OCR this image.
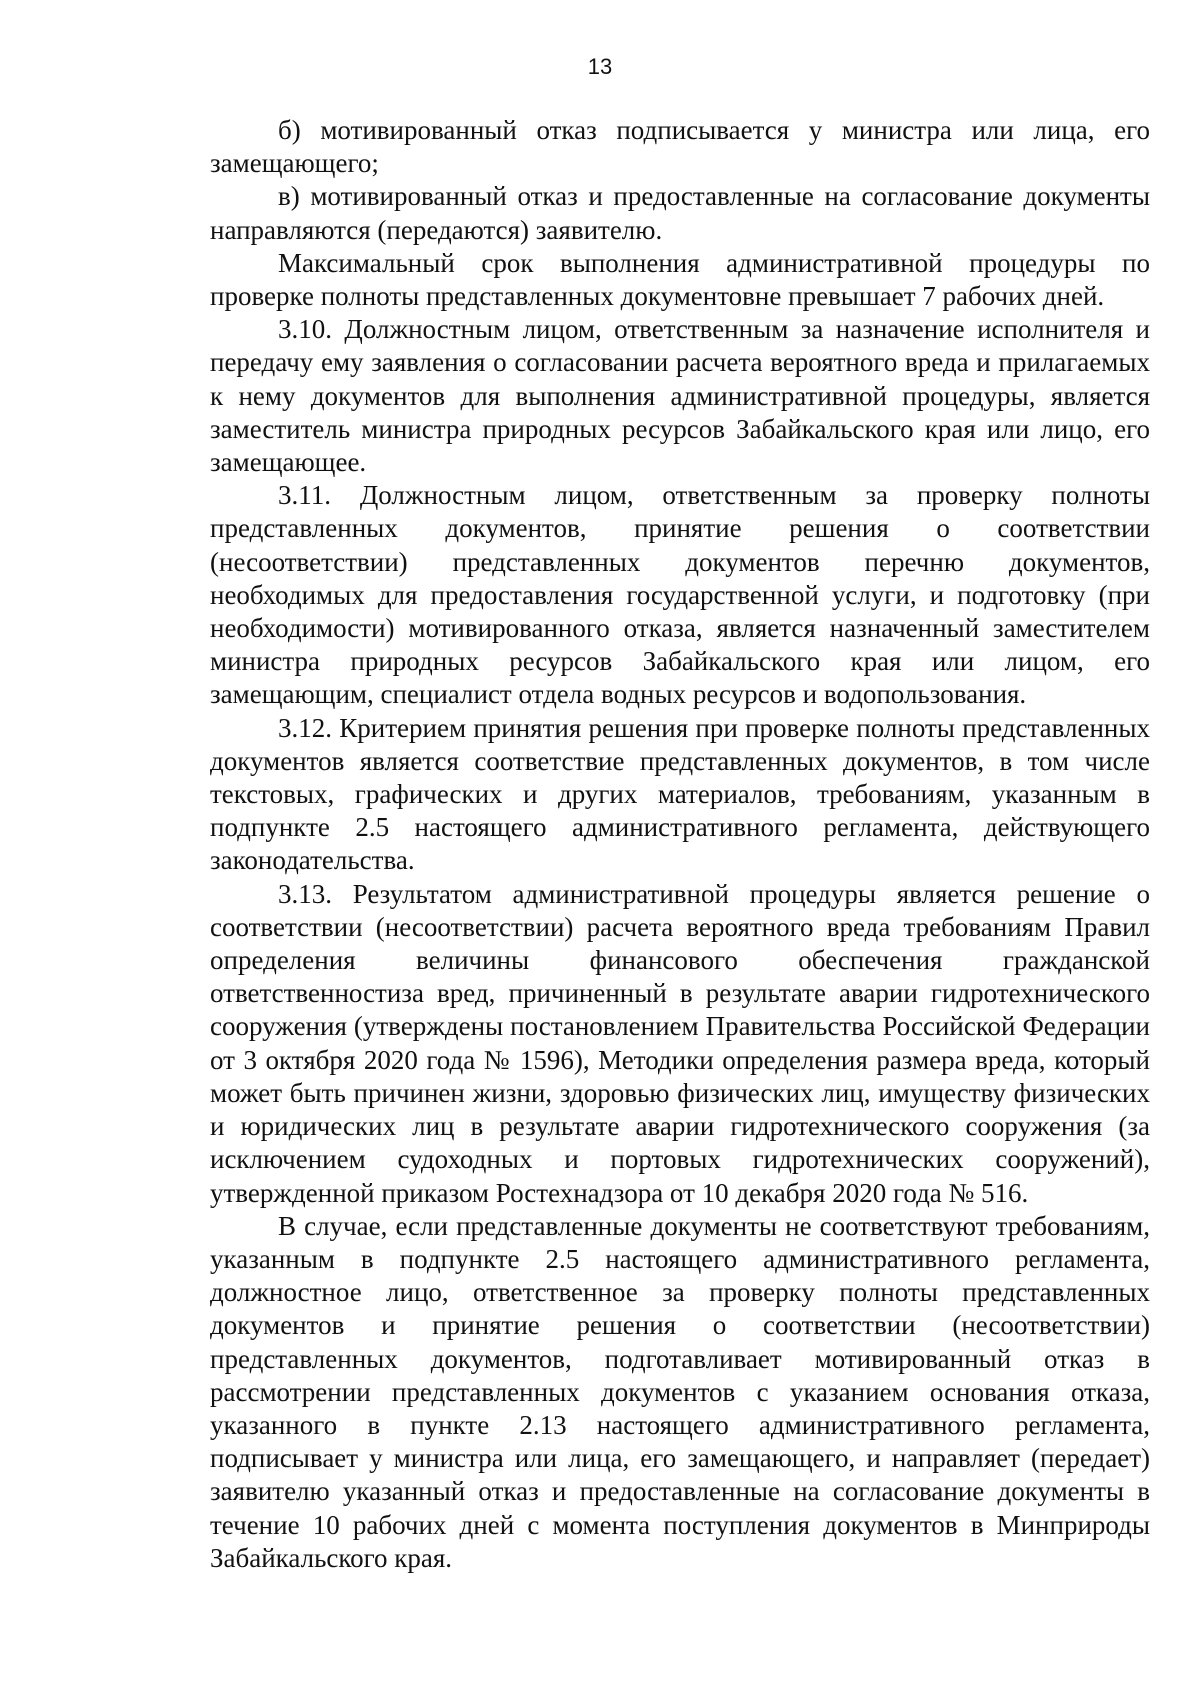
13

б) мотивированный отказ подписывается у министра или лица, его замещающего;

в) мотивированный отказ и предоставленные на согласование документы направляются (передаются) заявителю.

Максимальный срок выполнения административной процедуры по проверке полноты представленных документовне превышает 7 рабочих дней.

3.10. Должностным лицом, ответственным за назначение исполнителя и передачу ему заявления о согласовании расчета вероятного вреда и прилагаемых к нему документов для выполнения административной процедуры, является заместитель министра природных ресурсов Забайкальского края или лицо, его замещающее.

3.11. Должностным лицом, ответственным за проверку полноты представленных документов, принятие решения о соответствии (несоответствии) представленных документов перечню документов, необходимых для предоставления государственной услуги, и подготовку (при необходимости) мотивированного отказа, является назначенный заместителем министра природных ресурсов Забайкальского края или лицом, его замещающим, специалист отдела водных ресурсов и водопользования.

3.12. Критерием принятия решения при проверке полноты представленных документов является соответствие представленных документов, в том числе текстовых, графических и других материалов, требованиям, указанным в подпункте 2.5 настоящего административного регламента, действующего законодательства.

3.13. Результатом административной процедуры является решение о соответствии (несоответствии) расчета вероятного вреда требованиям Правил определения величины финансового обеспечения гражданской ответственностиза вред, причиненный в результате аварии гидротехнического сооружения (утверждены постановлением Правительства Российской Федерации от 3 октября 2020 года № 1596), Методики определения размера вреда, который может быть причинен жизни, здоровью физических лиц, имуществу физических и юридических лиц в результате аварии гидротехнического сооружения (за исключением судоходных и портовых гидротехнических сооружений), утвержденной приказом Ростехнадзора от 10 декабря 2020 года № 516.

В случае, если представленные документы не соответствуют требованиям, указанным в подпункте 2.5 настоящего административного регламента, должностное лицо, ответственное за проверку полноты представленных документов и принятие решения о соответствии (несоответствии) представленных документов, подготавливает мотивированный отказ в рассмотрении представленных документов с указанием основания отказа, указанного в пункте 2.13 настоящего административного регламента, подписывает у министра или лица, его замещающего, и направляет (передает) заявителю указанный отказ и предоставленные на согласование документы в течение 10 рабочих дней с момента поступления документов в Минприроды Забайкальского края.
